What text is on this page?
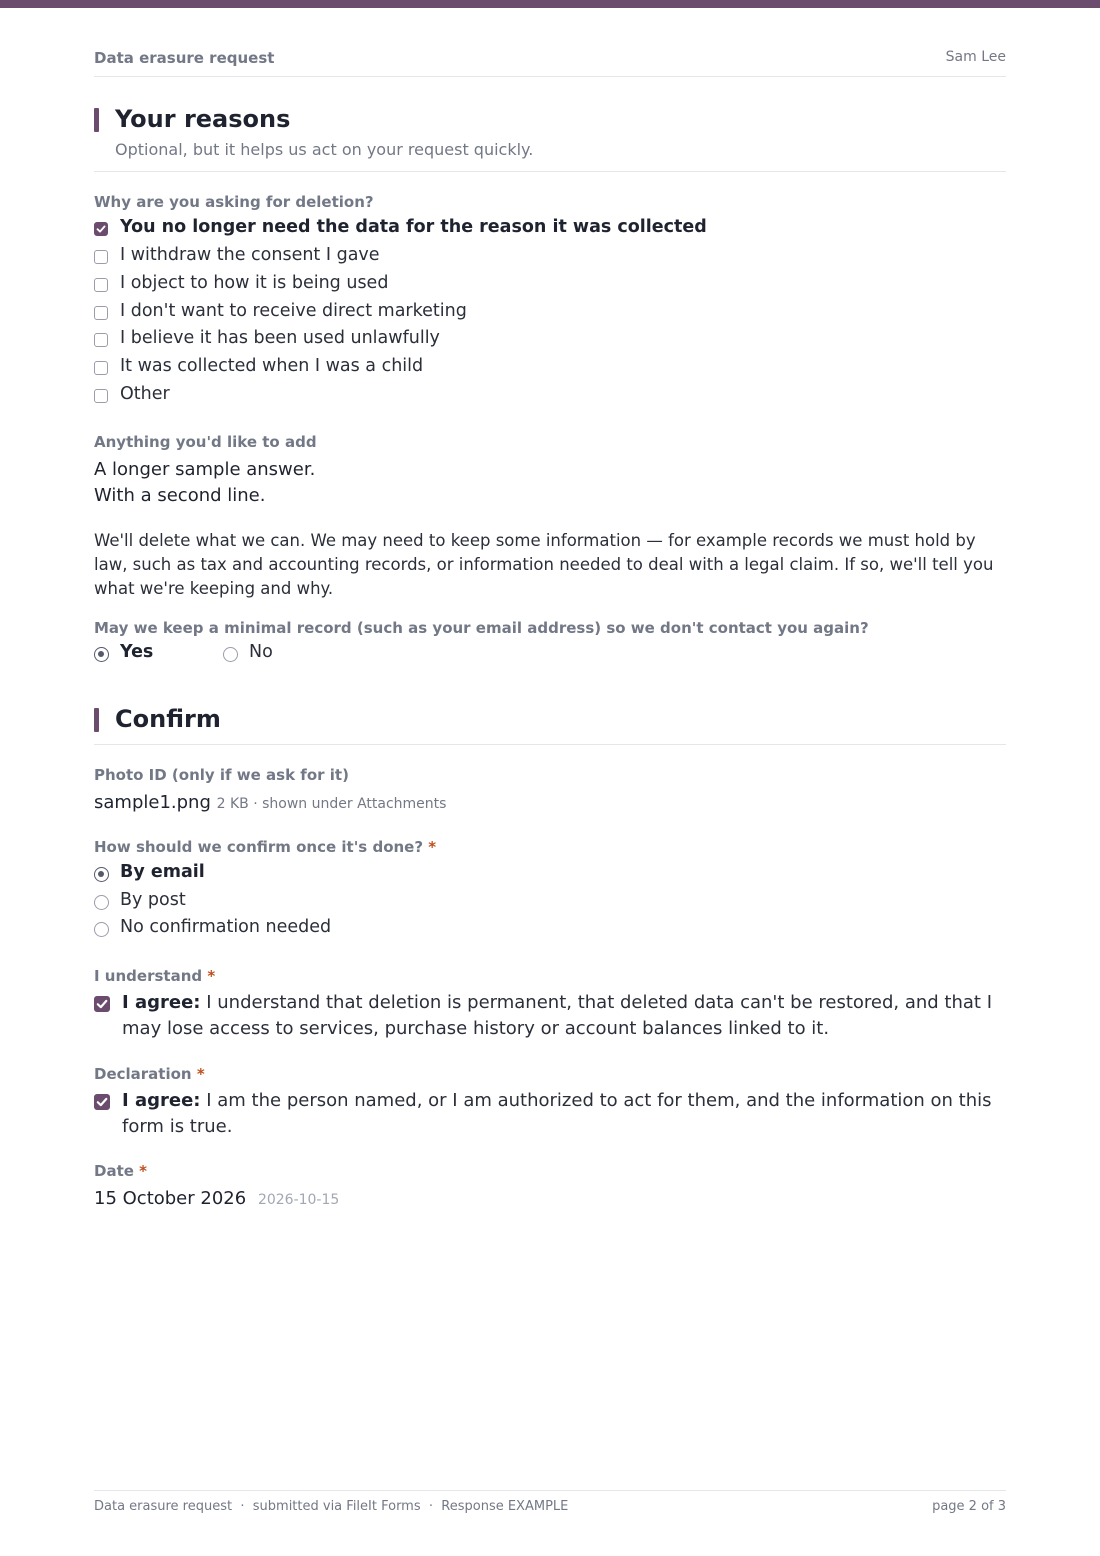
Data erasure request	Sam Lee
Your reasons
Optional, but it helps us act on your request quickly.
Why are you asking for deletion?
You no longer need the data for the reason it was collected
I withdraw the consent I gave
I object to how it is being used
I don't want to receive direct marketing
I believe it has been used unlawfully
It was collected when I was a child
Other
Anything you'd like to add
A longer sample answer.
With a second line.
We'll delete what we can. We may need to keep some information — for example records we must hold by law, such as tax and accounting records, or information needed to deal with a legal claim. If so, we'll tell you what we're keeping and why.
May we keep a minimal record (such as your email address) so we don't contact you again?
Yes	No
Confirm
Photo ID (only if we ask for it)
sample1.png 2 KB · shown under Attachments
How should we confirm once it's done? *
By email
By post
No confirmation needed
I understand *
I agree: I understand that deletion is permanent, that deleted data can't be restored, and that I may lose access to services, purchase history or account balances linked to it.
Declaration *
I agree: I am the person named, or I am authorized to act for them, and the information on this form is true.
Date *
15 October 2026 2026-10-15
Data erasure request  ·  submitted via FileIt Forms  ·  Response EXAMPLE	page 2 of 3
